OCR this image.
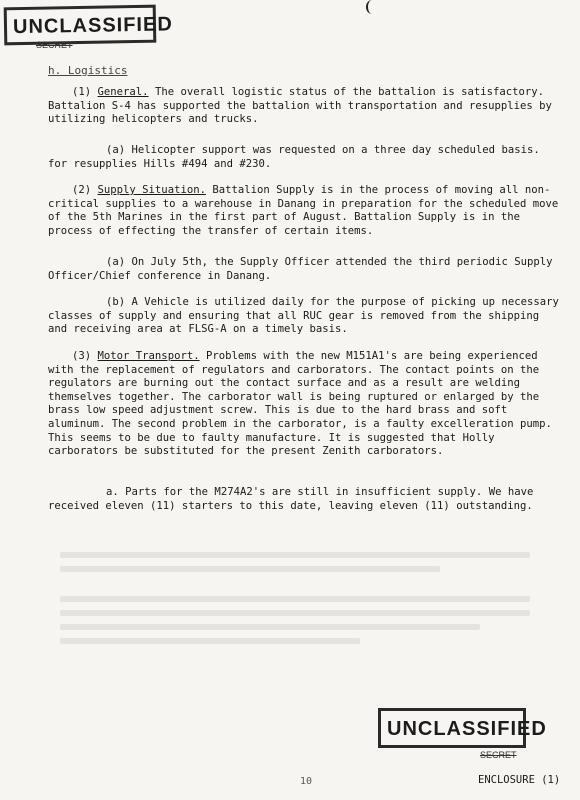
UNCLASSIFIED
SECRET
h. Logistics

(1) General. The overall logistic status of the battalion is satisfactory. Battalion S-4 has supported the battalion with transportation and resupplies by utilizing helicopters and trucks.

(a) Helicopter support was requested on a three day scheduled basis. for resupplies Hills #494 and #230.

(2) Supply Situation. Battalion Supply is in the process of moving all non-critical supplies to a warehouse in Danang in preparation for the scheduled move of the 5th Marines in the first part of August. Battalion Supply is in the process of effecting the transfer of certain items.

(a) On July 5th, the Supply Officer attended the third periodic Supply Officer/Chief conference in Danang.

(b) A Vehicle is utilized daily for the purpose of picking up necessary classes of supply and ensuring that all RUC gear is removed from the shipping and receiving area at FLSG-A on a timely basis.

(3) Motor Transport. Problems with the new M151A1's are being experienced with the replacement of regulators and carborators. The contact points on the regulators are burning out the contact surface and as a result are welding themselves together. The carborator wall is being ruptured or enlarged by the brass low speed adjustment screw. This is due to the hard brass and soft aluminum. The second problem in the carborator, is a faulty excelleration pump. This seems to be due to faulty manufacture. It is suggested that Holly carborators be substituted for the present Zenith carborators.

a. Parts for the M274A2's are still in insufficient supply. We have received eleven (11) starters to this date, leaving eleven (11) outstanding.

UNCLASSIFIED
SECRET
10	ENCLOSURE (1)
